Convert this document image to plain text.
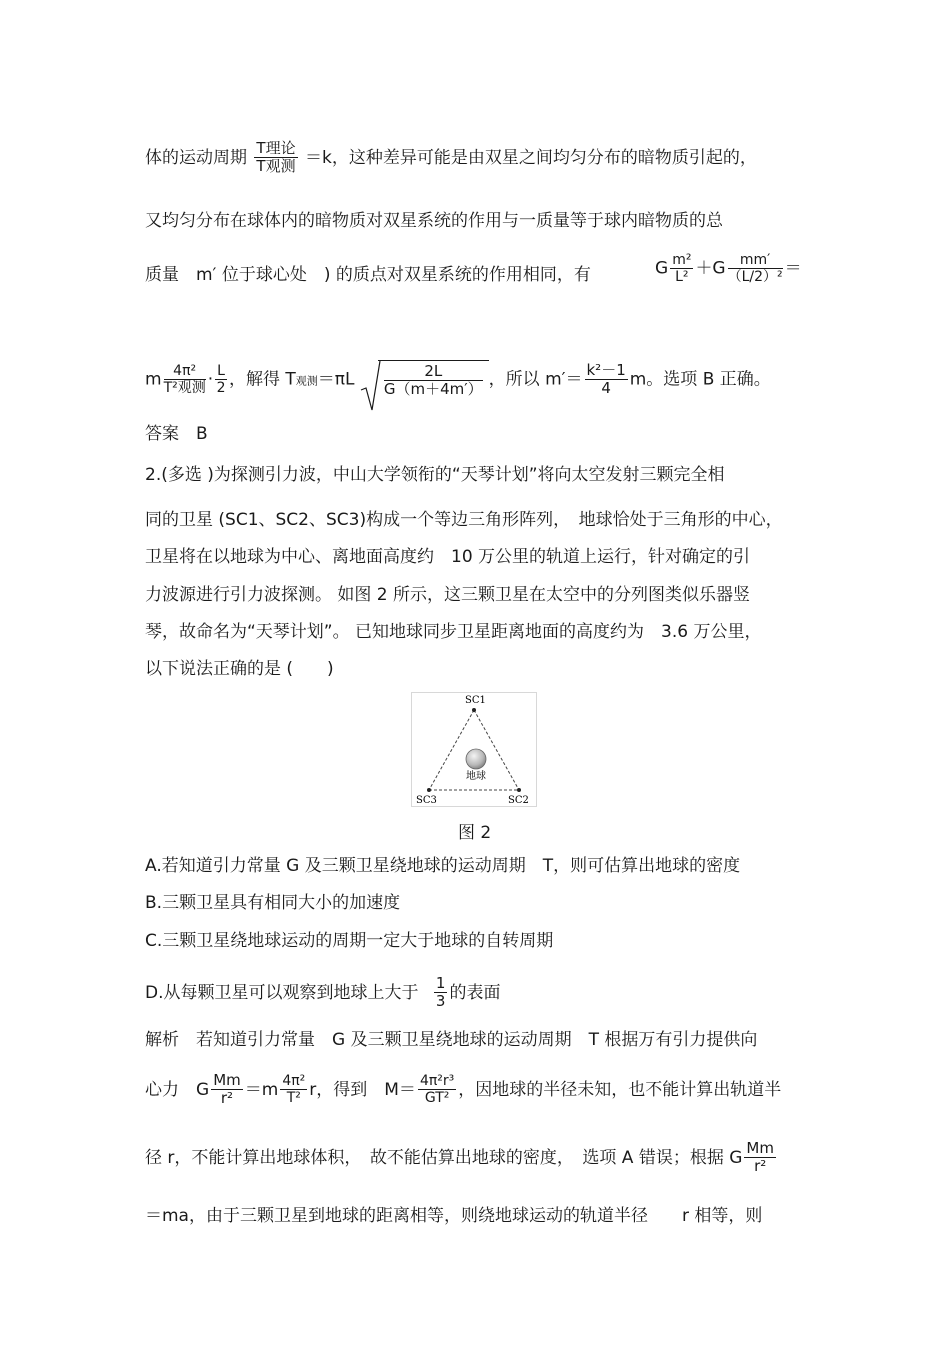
体的运动周期 $\frac{\text{T理论}}{\text{T观测}} =k$，这种差异可能是由双星之间均匀分布的暗物质引起的，
又均匀分布在球体内的暗物质对双星系统的作用与一质量等于球内暗物质的总
质量　m′ 位于球心处　) 的质点对双星系统的作用相同，有	G $\frac{\text{m²}}{\text{L²}} +G \frac{mm'}{\text{（L/2）²}}$ ＝
m $\frac{\text{4π²}}{\text{T²观测}} \cdot \frac{L}{2}$ ，解得 T观测$=\pi L \frac{2L}{G(m+4m')}$ ，所以 $m'= \frac{\text{k²－1}}{4}$ m。选项 B 正确。
答案　B
2.(多选 )为探测引力波，中山大学领衔的“天琴计划”将向太空发射三颗完全相
同的卫星 (SC1、SC2、SC3)构成一个等边三角形阵列，　地球恰处于三角形的中心，
卫星将在以地球为中心、离地面高度约　10 万公里的轨道上运行，针对确定的引
力波源进行引力波探测。 如图 2 所示，这三颗卫星在太空中的分列图类似乐器竖
琴，故命名为“天琴计划”。 已知地球同步卫星距离地面的高度约为　3.6 万公里，
以下说法正确的是 (　　)
地球
SC1
SC3	SC2
图 2
A.若知道引力常量 G 及三颗卫星绕地球的运动周期　T，则可估算出地球的密度
B.三颗卫星具有相同大小的加速度
C.三颗卫星绕地球运动的周期一定大于地球的自转周期
D.从每颗卫星可以观察到地球上大于 $\frac{1}{3}$ 的表面
解析　若知道引力常量　G 及三颗卫星绕地球的运动周期　T 根据万有引力提供向
心力　G $\frac{Mm}{\text{r²}} =m \frac{\text{4π²}}{\text{T²}}$ r，得到　$M= \frac{\text{4π²r³}}{\text{GT²}}$ ，因地球的半径未知，也不能计算出轨道半
径 r，不能计算出地球体积，　故不能估算出地球的密度，　选项 A 错误；根据 G $\frac{Mm}{\text{r²}}$
＝ma，由于三颗卫星到地球的距离相等，则绕地球运动的轨道半径　　r 相等，则
